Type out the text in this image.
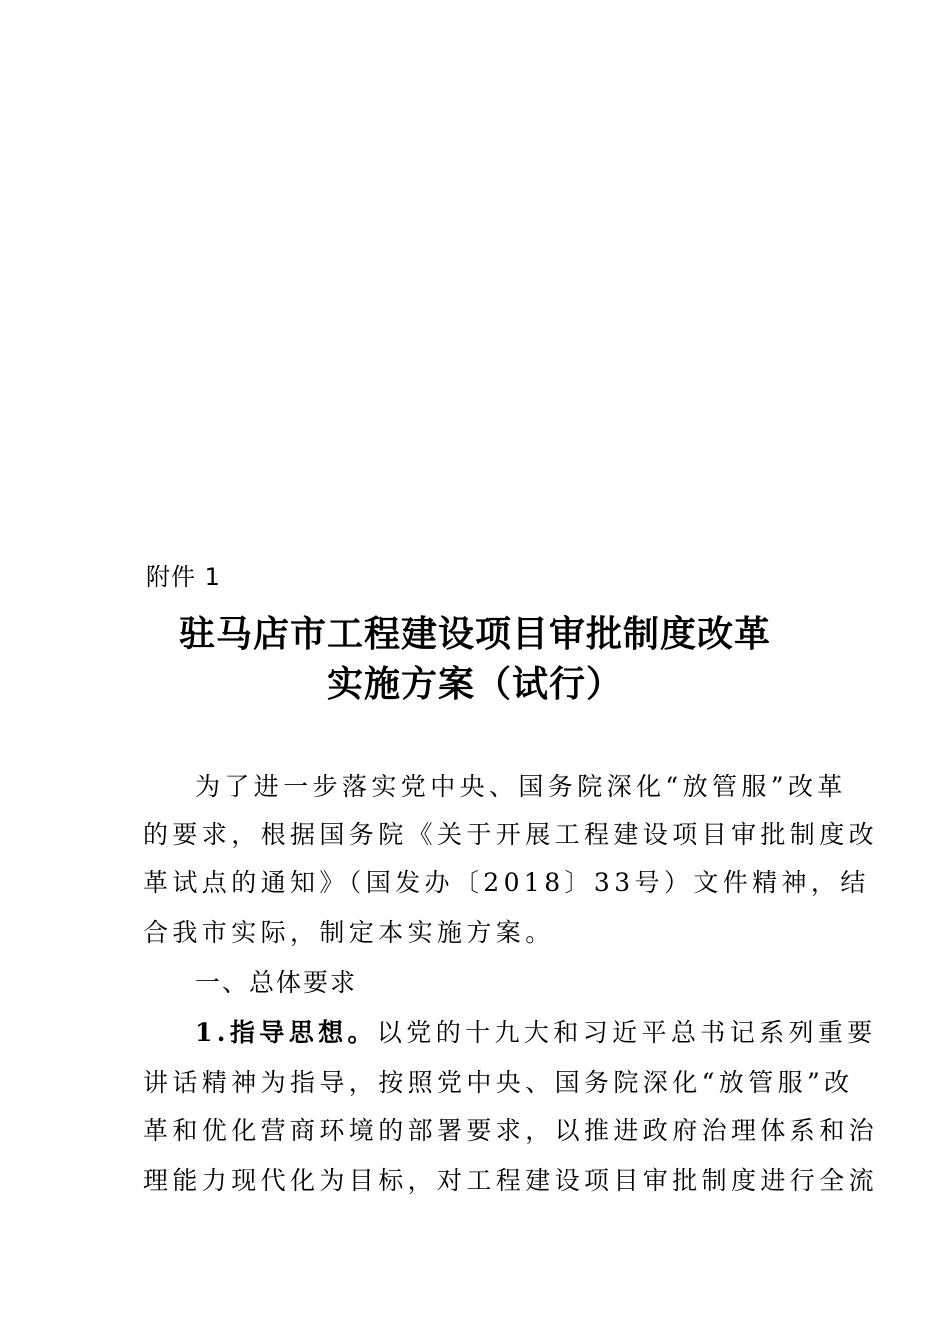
附件 1
驻马店市工程建设项目审批制度改革
实施方案（试行）
为了进一步落实党中央、国务院深化“放管服”改革
的要求，根据国务院《关于开展工程建设项目审批制度改
革试点的通知》（国发办〔2018〕33号）文件精神，结
合我市实际，制定本实施方案。
一、总体要求
1.指导思想。以党的十九大和习近平总书记系列重要
讲话精神为指导，按照党中央、国务院深化“放管服”改
革和优化营商环境的部署要求，以推进政府治理体系和治
理能力现代化为目标，对工程建设项目审批制度进行全流
